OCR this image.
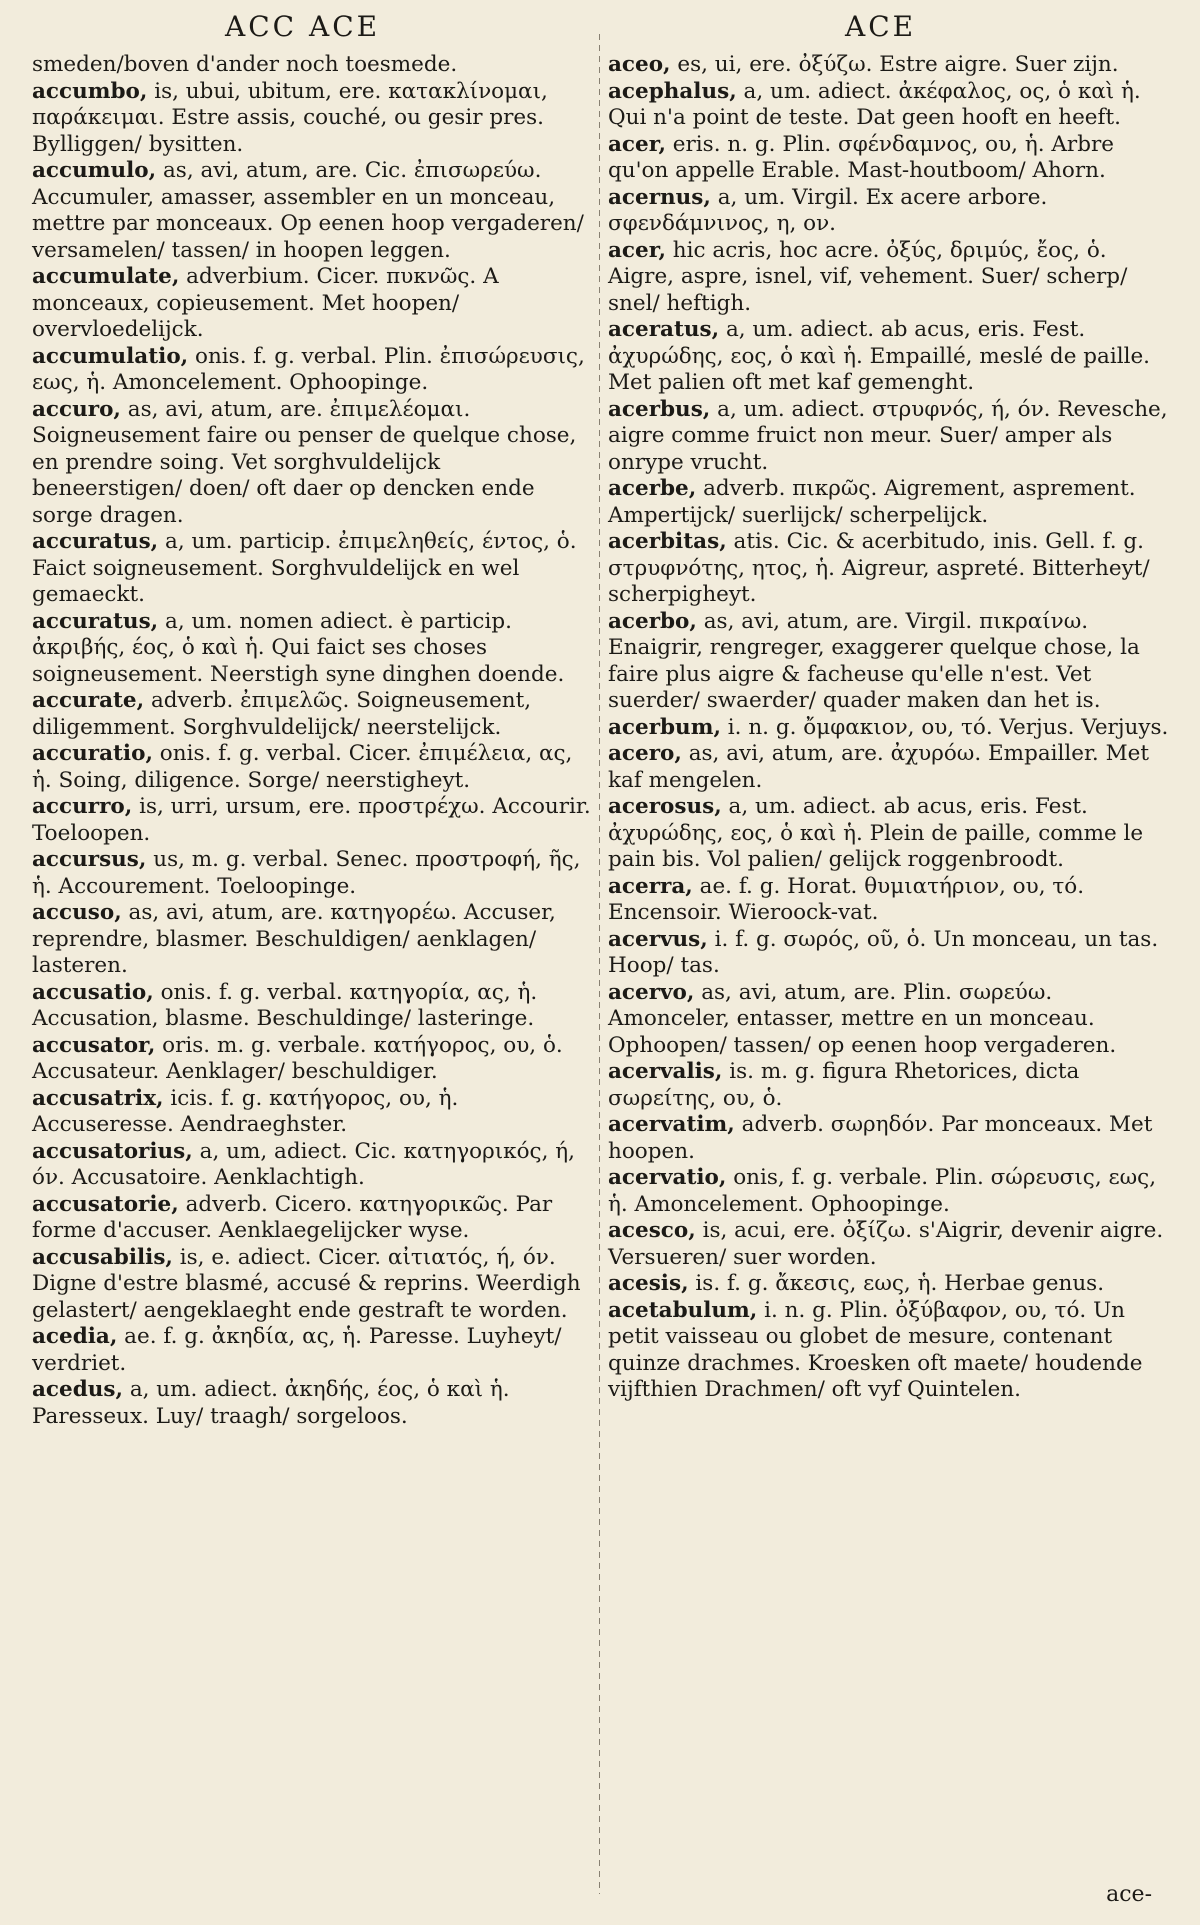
ACC ACE	ACE

smeden/boven d'ander noch toesmede.

accumbo, is, ubui, ubitum, ere. κατακλίνομαι, παράκειμαι. Estre assis, couché, ou gesir pres. Bylliggen/ bysitten.

accumulo, as, avi, atum, are. Cic. ἐπισωρεύω. Accumuler, amasser, assembler en un monceau, mettre par monceaux. Op eenen hoop vergaderen/ versamelen/ tassen/ in hoopen leggen.

accumulate, adverbium. Cicer. πυκνῶς. A monceaux, copieusement. Met hoopen/ overvloedelijck.

accumulatio, onis. f. g. verbal. Plin. ἐπισώρευσις, εως, ἡ. Amoncelement. Ophoopinge.

accuro, as, avi, atum, are. ἐπιμελέομαι. Soigneusement faire ou penser de quelque chose, en prendre soing. Vet sorghvuldelijck beneerstigen/ doen/ oft daer op dencken ende sorge dragen.

accuratus, a, um. particip. ἐπιμεληθείς, έντος, ὁ. Faict soigneusement. Sorghvuldelijck en wel gemaeckt.

accuratus, a, um. nomen adiect. è particip. ἀκριβής, έος, ὁ καὶ ἡ. Qui faict ses choses soigneusement. Neerstigh syne dinghen doende.

accurate, adverb. ἐπιμελῶς. Soigneusement, diligemment. Sorghvuldelijck/ neerstelijck.

accuratio, onis. f. g. verbal. Cicer. ἐπιμέλεια, ας, ἡ. Soing, diligence. Sorge/ neerstigheyt.

accurro, is, urri, ursum, ere. προστρέχω. Accourir. Toeloopen.

accursus, us, m. g. verbal. Senec. προστροφή, ῆς, ἡ. Accourement. Toeloopinge.

accuso, as, avi, atum, are. κατηγορέω. Accuser, reprendre, blasmer. Beschuldigen/ aenklagen/ lasteren.

accusatio, onis. f. g. verbal. κατηγορία, ας, ἡ. Accusation, blasme. Beschuldinge/ lasteringe.

accusator, oris. m. g. verbale. κατήγορος, ου, ὁ. Accusateur. Aenklager/ beschuldiger.

accusatrix, icis. f. g. κατήγορος, ου, ἡ. Accuseresse. Aendraeghster.

accusatorius, a, um, adiect. Cic. κατηγορικός, ή, όν. Accusatoire. Aenklachtigh.

accusatorie, adverb. Cicero. κατηγορικῶς. Par forme d'accuser. Aenklaegelijcker wyse.

accusabilis, is, e. adiect. Cicer. αἰτιατός, ή, όν. Digne d'estre blasmé, accusé & reprins. Weerdigh gelastert/ aengeklaeght ende gestraft te worden.

acedia, ae. f. g. ἀκηδία, ας, ἡ. Paresse. Luyheyt/ verdriet.

acedus, a, um. adiect. ἀκηδής, έος, ὁ καὶ ἡ. Paresseux. Luy/ traagh/ sorgeloos.

aceo, es, ui, ere. ὀξύζω. Estre aigre. Suer zijn.

acephalus, a, um. adiect. ἀκέφαλος, ος, ὁ καὶ ἡ. Qui n'a point de teste. Dat geen hooft en heeft.

acer, eris. n. g. Plin. σφένδαμνος, ου, ἡ. Arbre qu'on appelle Erable. Mast-houtboom/ Ahorn.

acernus, a, um. Virgil. Ex acere arbore. σφενδάμνινος, η, ον.

acer, hic acris, hoc acre. ὀξύς, δριμύς, ἔος, ὁ. Aigre, aspre, isnel, vif, vehement. Suer/ scherp/ snel/ heftigh.

aceratus, a, um. adiect. ab acus, eris. Fest. ἀχυρώδης, εος, ὁ καὶ ἡ. Empaillé, meslé de paille. Met palien oft met kaf gemenght.

acerbus, a, um. adiect. στρυφνός, ή, όν. Revesche, aigre comme fruict non meur. Suer/ amper als onrype vrucht.

acerbe, adverb. πικρῶς. Aigrement, asprement. Ampertijck/ suerlijck/ scherpelijck.

acerbitas, atis. Cic. & acerbitudo, inis. Gell. f. g. στρυφνότης, ητος, ἡ. Aigreur, aspreté. Bitterheyt/ scherpigheyt.

acerbo, as, avi, atum, are. Virgil. πικραίνω. Enaigrir, rengreger, exaggerer quelque chose, la faire plus aigre & facheuse qu'elle n'est. Vet suerder/ swaerder/ quader maken dan het is.

acerbum, i. n. g. ὄμφακιον, ου, τό. Verjus. Verjuys.

acero, as, avi, atum, are. ἀχυρόω. Empailler. Met kaf mengelen.

acerosus, a, um. adiect. ab acus, eris. Fest. ἀχυρώδης, εος, ὁ καὶ ἡ. Plein de paille, comme le pain bis. Vol palien/ gelijck roggenbroodt.

acerra, ae. f. g. Horat. θυμιατήριον, ου, τό. Encensoir. Wieroock-vat.

acervus, i. f. g. σωρός, οῦ, ὁ. Un monceau, un tas. Hoop/ tas.

acervo, as, avi, atum, are. Plin. σωρεύω. Amonceler, entasser, mettre en un monceau. Ophoopen/ tassen/ op eenen hoop vergaderen.

acervalis, is. m. g. figura Rhetorices, dicta σωρείτης, ου, ὁ.

acervatim, adverb. σωρηδόν. Par monceaux. Met hoopen.

acervatio, onis, f. g. verbale. Plin. σώρευσις, εως, ἡ. Amoncelement. Ophoopinge.

acesco, is, acui, ere. ὀξίζω. s'Aigrir, devenir aigre. Versueren/ suer worden.

acesis, is. f. g. ἄκεσις, εως, ἡ. Herbae genus.

acetabulum, i. n. g. Plin. ὀξύβαφον, ου, τό. Un petit vaisseau ou globet de mesure, contenant quinze drachmes. Kroesken oft maete/ houdende vijfthien Drachmen/ oft vyf Quintelen.

ace-
